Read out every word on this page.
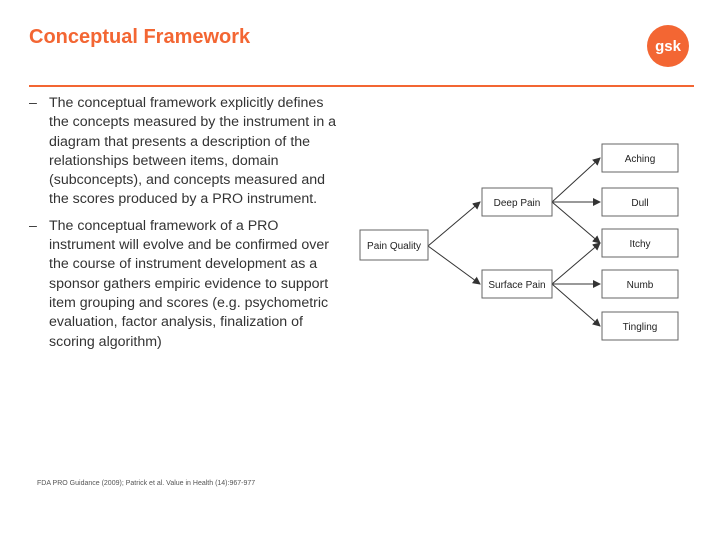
Conceptual Framework	gsk
– The conceptual framework explicitly defines the concepts measured by the instrument in a diagram that presents a description of the relationships between items, domain (subconcepts), and concepts measured and the scores produced by a PRO instrument.
– The conceptual framework of a PRO instrument will evolve and be confirmed over the course of instrument development as a sponsor gathers empiric evidence to support item grouping and scores (e.g. psychometric evaluation, factor analysis, finalization of scoring algorithm)
Pain Quality
Deep Pain
Surface Pain
Aching
Dull
Itchy
Numb
Tingling
FDA PRO Guidance (2009); Patrick et al. Value in Health (14):967-977
